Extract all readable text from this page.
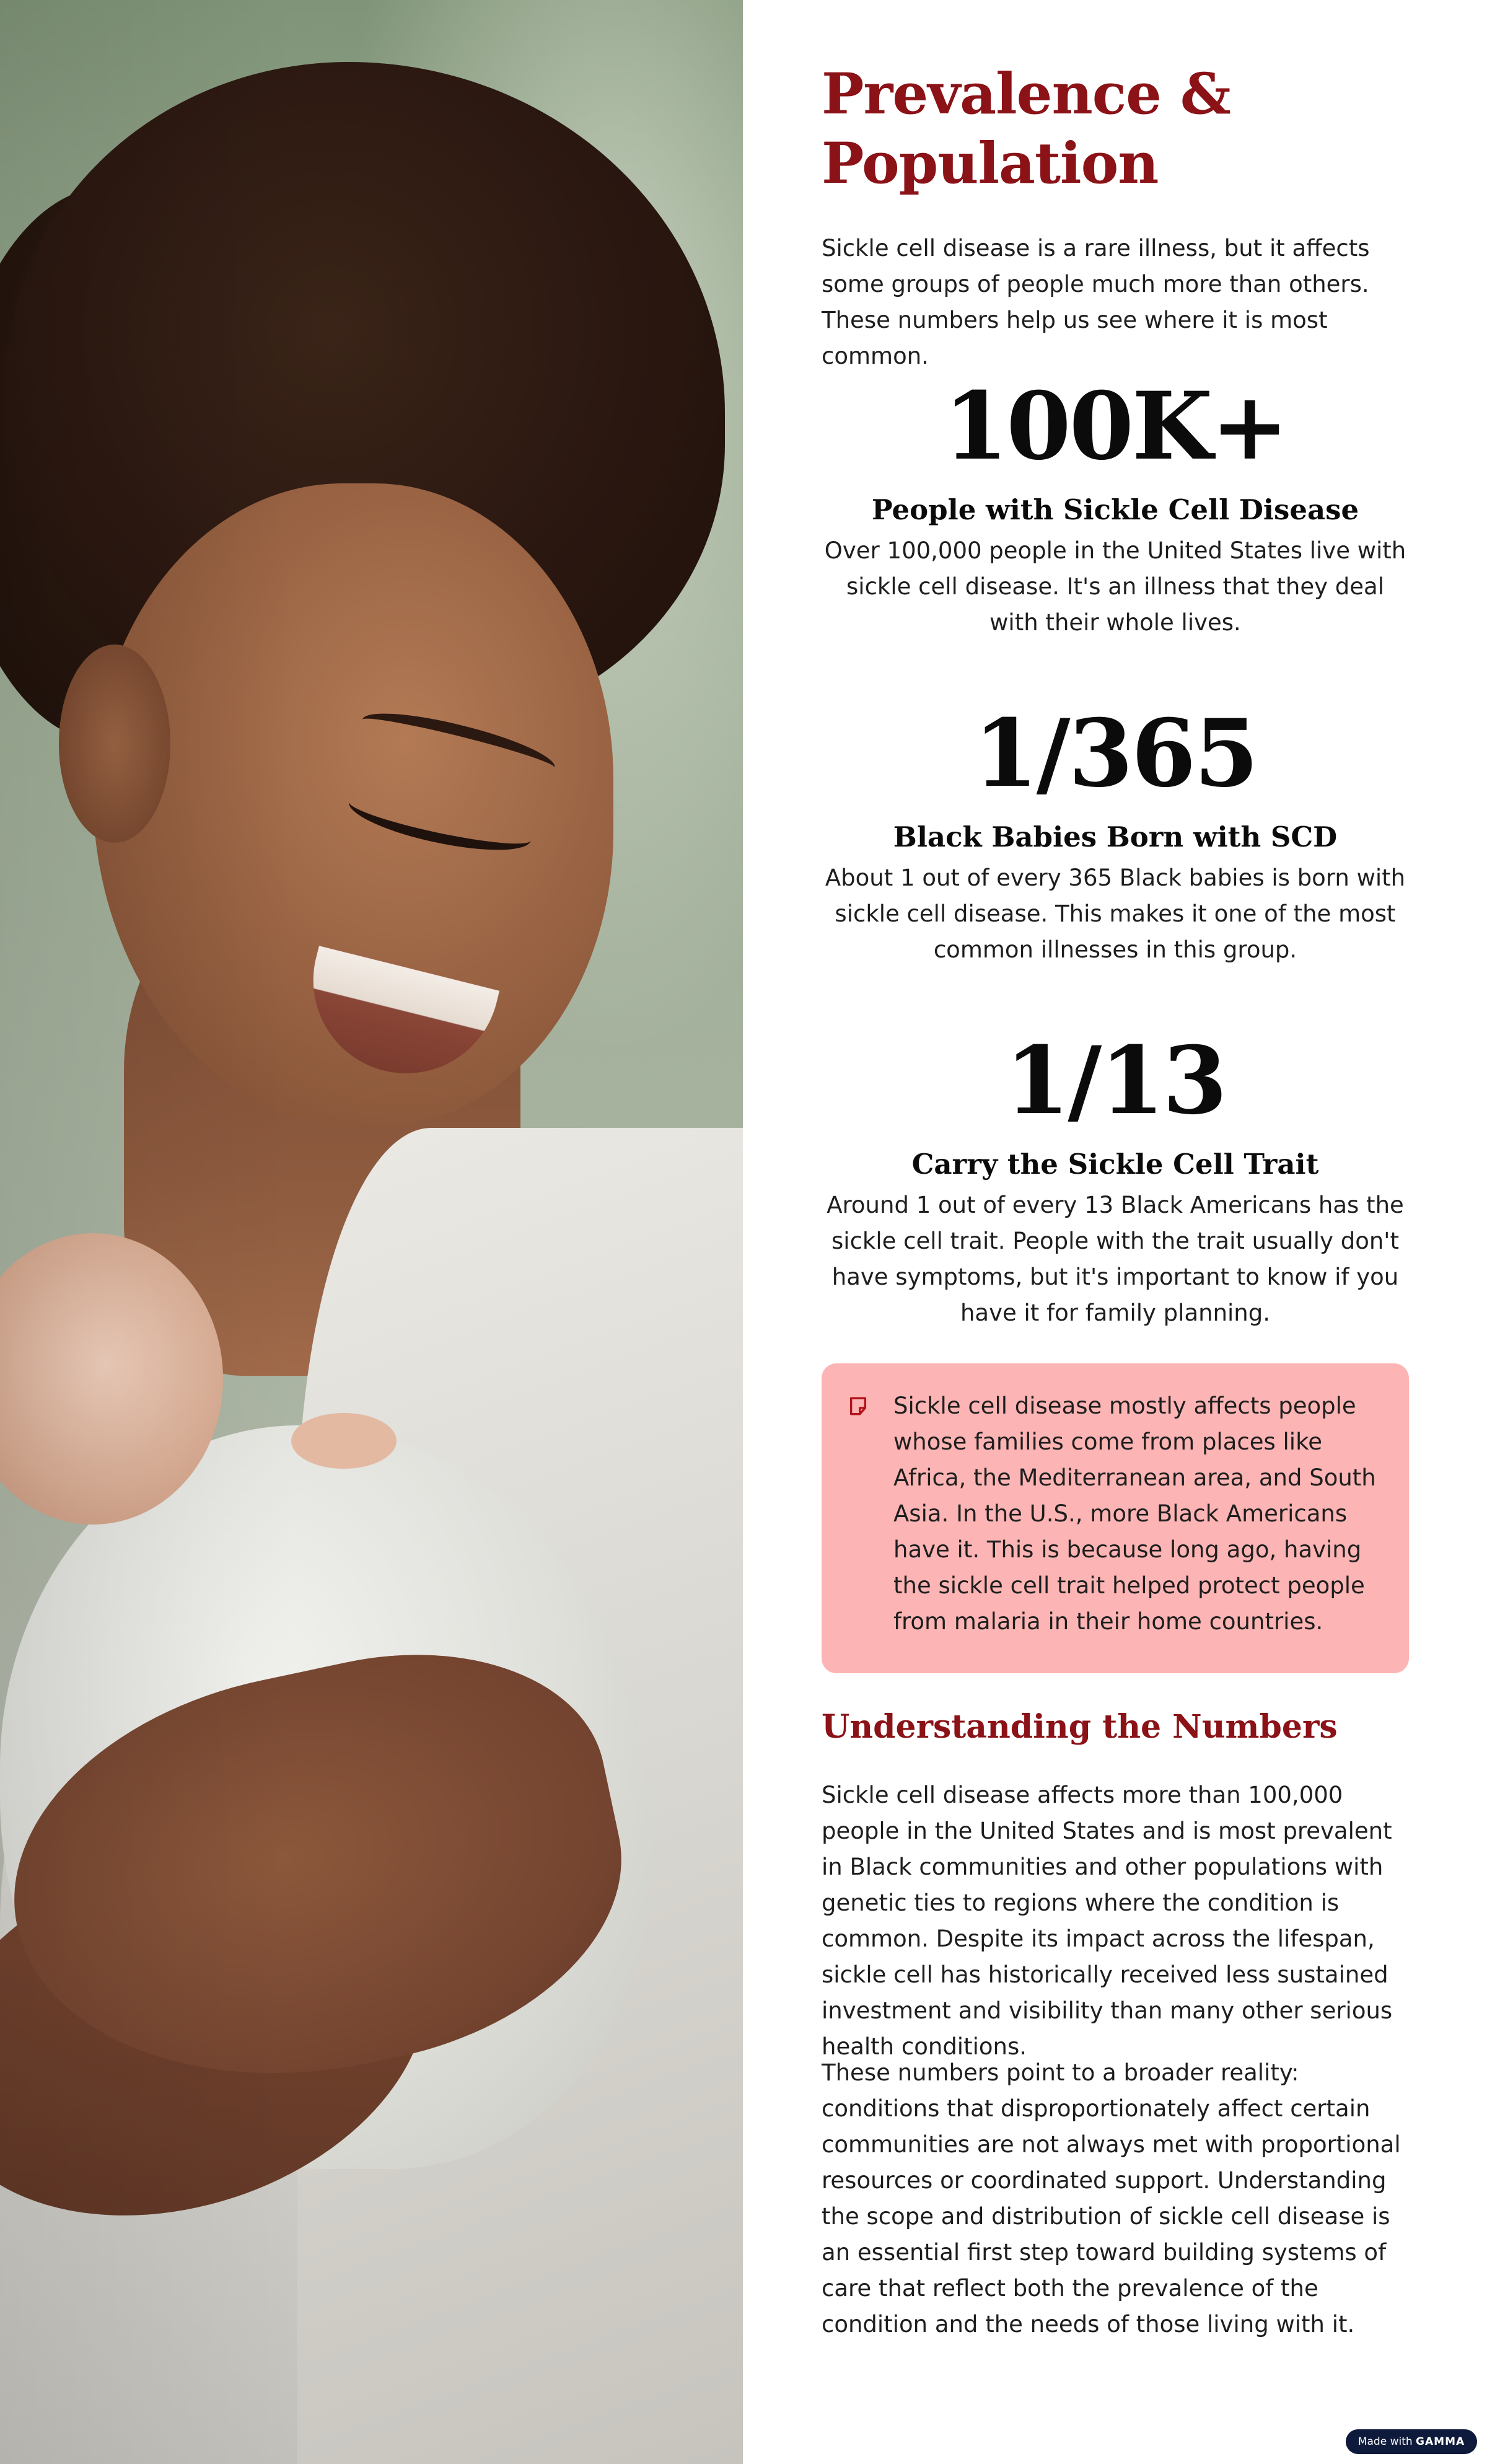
Prevalence & Population

Sickle cell disease is a rare illness, but it affects some groups of people much more than others. These numbers help us see where it is most common.

100K+
People with Sickle Cell Disease
Over 100,000 people in the United States live with sickle cell disease. It's an illness that they deal with their whole lives.
1/365
Black Babies Born with SCD
About 1 out of every 365 Black babies is born with sickle cell disease. This makes it one of the most common illnesses in this group.
1/13
Carry the Sickle Cell Trait
Around 1 out of every 13 Black Americans has the sickle cell trait. People with the trait usually don't have symptoms, but it's important to know if you have it for family planning.

Sickle cell disease mostly affects people whose families come from places like Africa, the Mediterranean area, and South Asia. In the U.S., more Black Americans have it. This is because long ago, having the sickle cell trait helped protect people from malaria in their home countries.

Understanding the Numbers

Sickle cell disease affects more than 100,000 people in the United States and is most prevalent in Black communities and other populations with genetic ties to regions where the condition is common. Despite its impact across the lifespan, sickle cell has historically received less sustained investment and visibility than many other serious health conditions.

These numbers point to a broader reality: conditions that disproportionately affect certain communities are not always met with proportional resources or coordinated support. Understanding the scope and distribution of sickle cell disease is an essential first step toward building systems of care that reflect both the prevalence of the condition and the needs of those living with it.

Made with GAMMA
